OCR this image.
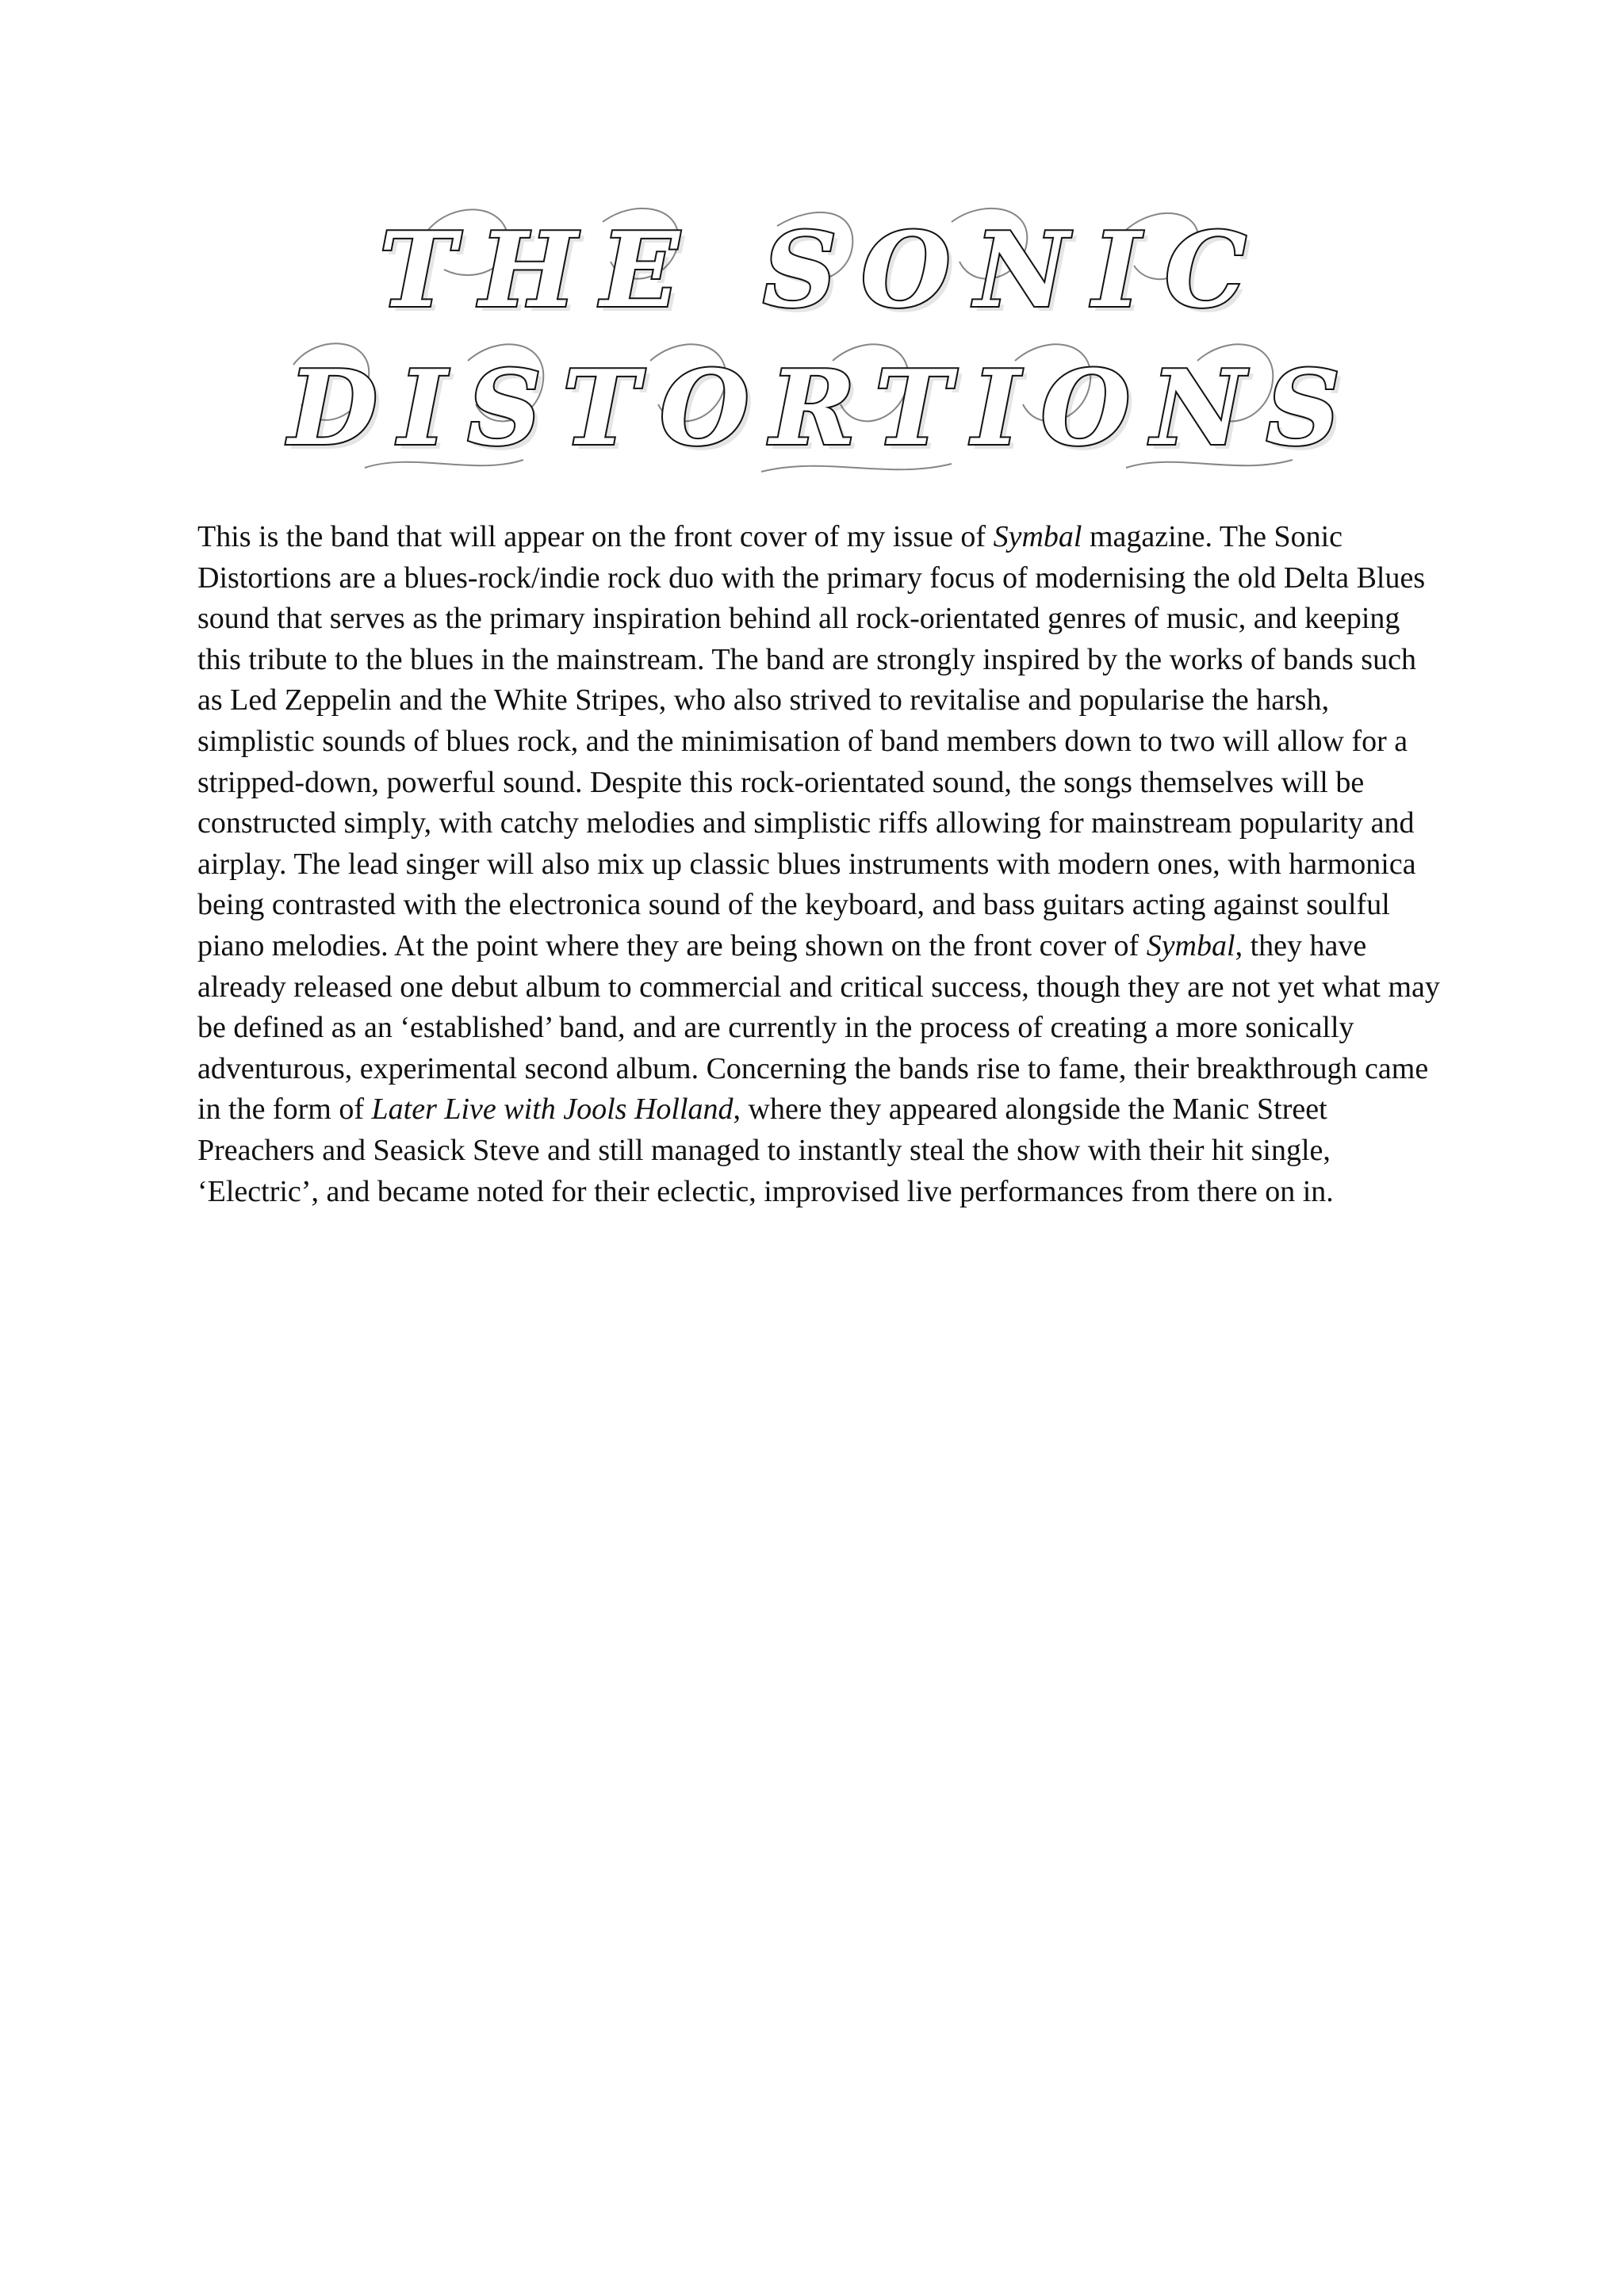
THE SONIC
DISTORTIONS

This is the band that will appear on the front cover of my issue of Symbal magazine. The Sonic Distortions are a blues-rock/indie rock duo with the primary focus of modernising the old Delta Blues sound that serves as the primary inspiration behind all rock-orientated genres of music, and keeping this tribute to the blues in the mainstream. The band are strongly inspired by the works of bands such as Led Zeppelin and the White Stripes, who also strived to revitalise and popularise the harsh, simplistic sounds of blues rock, and the minimisation of band members down to two will allow for a stripped-down, powerful sound. Despite this rock-orientated sound, the songs themselves will be constructed simply, with catchy melodies and simplistic riffs allowing for mainstream popularity and airplay. The lead singer will also mix up classic blues instruments with modern ones, with harmonica being contrasted with the electronica sound of the keyboard, and bass guitars acting against soulful piano melodies. At the point where they are being shown on the front cover of Symbal, they have already released one debut album to commercial and critical success, though they are not yet what may be defined as an ‘established’ band, and are currently in the process of creating a more sonically adventurous, experimental second album. Concerning the bands rise to fame, their breakthrough came in the form of Later Live with Jools Holland, where they appeared alongside the Manic Street Preachers and Seasick Steve and still managed to instantly steal the show with their hit single, ‘Electric’, and became noted for their eclectic, improvised live performances from there on in.
